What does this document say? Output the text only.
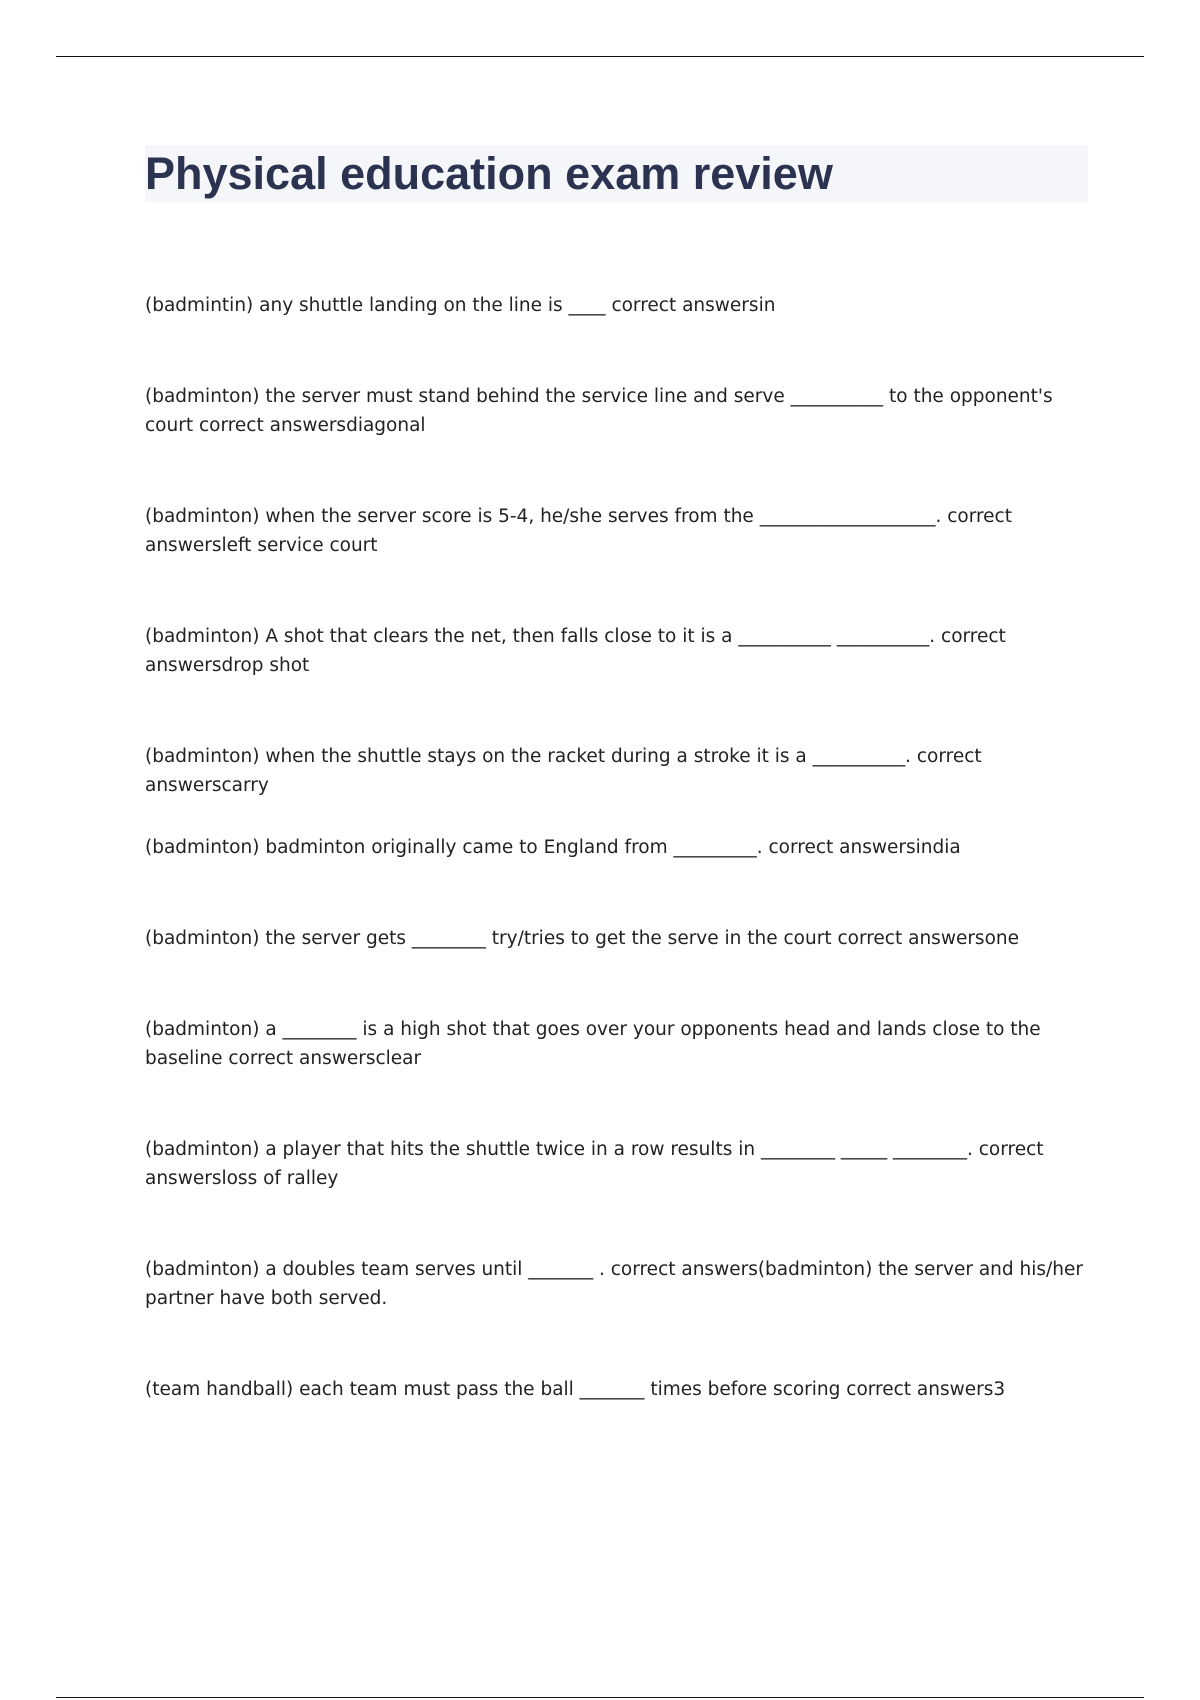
Physical education exam review

(badmintin) any shuttle landing on the line is ____ correct answersin

(badminton) the server must stand behind the service line and serve __________ to the opponent's court correct answersdiagonal

(badminton) when the server score is 5-4, he/she serves from the ___________________. correct answersleft service court

(badminton) A shot that clears the net, then falls close to it is a __________ __________. correct answersdrop shot

(badminton) when the shuttle stays on the racket during a stroke it is a __________. correct answerscarry

(badminton) badminton originally came to England from _________. correct answersindia

(badminton) the server gets ________ try/tries to get the serve in the court correct answersone

(badminton) a ________ is a high shot that goes over your opponents head and lands close to the baseline correct answersclear

(badminton) a player that hits the shuttle twice in a row results in ________ _____ ________. correct answersloss of ralley

(badminton) a doubles team serves until _______ . correct answers(badminton) the server and his/her partner have both served.

(team handball) each team must pass the ball _______ times before scoring correct answers3
